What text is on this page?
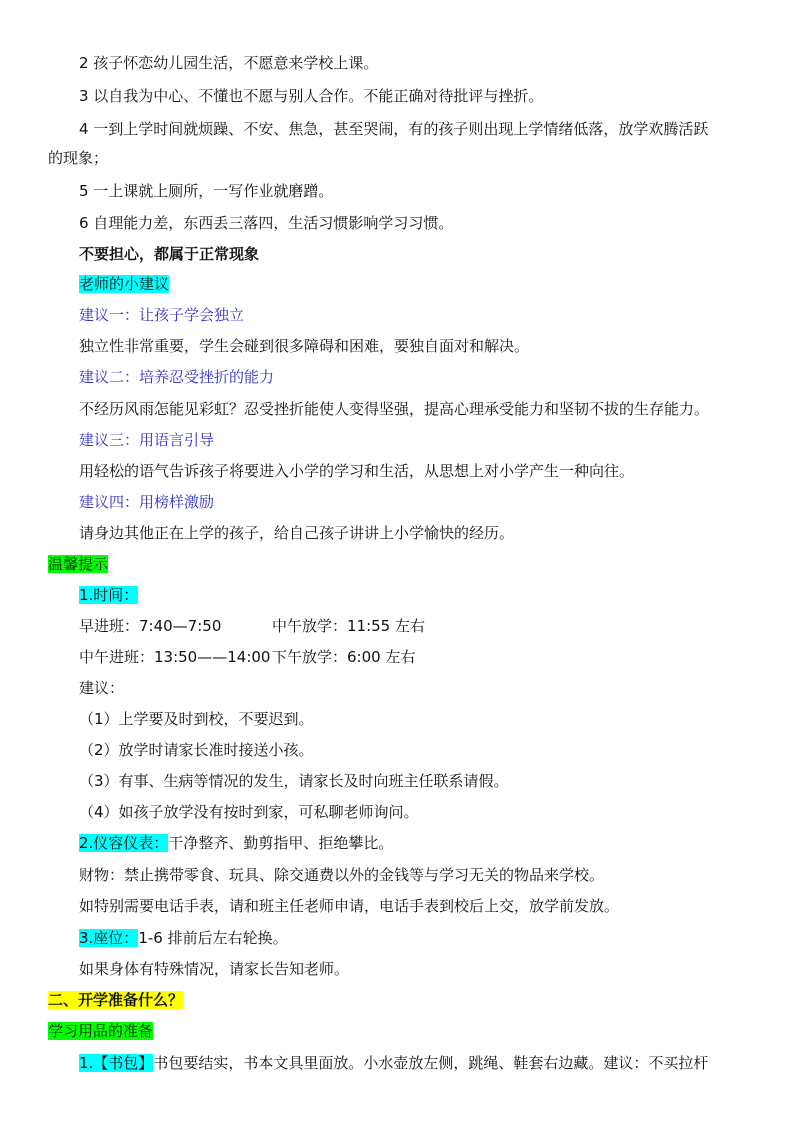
2 孩子怀恋幼儿园生活，不愿意来学校上课。
3 以自我为中心、不懂也不愿与别人合作。不能正确对待批评与挫折。
4 一到上学时间就烦躁、不安、焦急，甚至哭闹，有的孩子则出现上学情绪低落，放学欢腾活跃
的现象；
5 一上课就上厕所，一写作业就磨蹭。
6 自理能力差，东西丢三落四，生活习惯影响学习习惯。
不要担心，都属于正常现象
老师的小建议
建议一：让孩子学会独立
独立性非常重要，学生会碰到很多障碍和困难，要独自面对和解决。
建议二：培养忍受挫折的能力
不经历风雨怎能见彩虹？忍受挫折能使人变得坚强，提高心理承受能力和坚韧不拔的生存能力。
建议三：用语言引导
用轻松的语气告诉孩子将要进入小学的学习和生活，从思想上对小学产生一种向往。
建议四：用榜样激励
请身边其他正在上学的孩子，给自己孩子讲讲上小学愉快的经历。
温馨提示
1.时间：
早进班：7:40—7:50	中午放学：11:55 左右
中午进班：13:50——14:00 下午放学：6:00 左右
建议：
（1）上学要及时到校，不要迟到。
（2）放学时请家长准时接送小孩。
（3）有事、生病等情况的发生，请家长及时向班主任联系请假。
（4）如孩子放学没有按时到家，可私聊老师询问。
2.仪容仪表：干净整齐、勤剪指甲、拒绝攀比。
财物：禁止携带零食、玩具、除交通费以外的金钱等与学习无关的物品来学校。
如特别需要电话手表，请和班主任老师申请，电话手表到校后上交，放学前发放。
3.座位：1-6 排前后左右轮换。
如果身体有特殊情况，请家长告知老师。
二、开学准备什么？
学习用品的准备
1.【书包】书包要结实，书本文具里面放。小水壶放左侧，跳绳、鞋套右边藏。建议：不买拉杆
